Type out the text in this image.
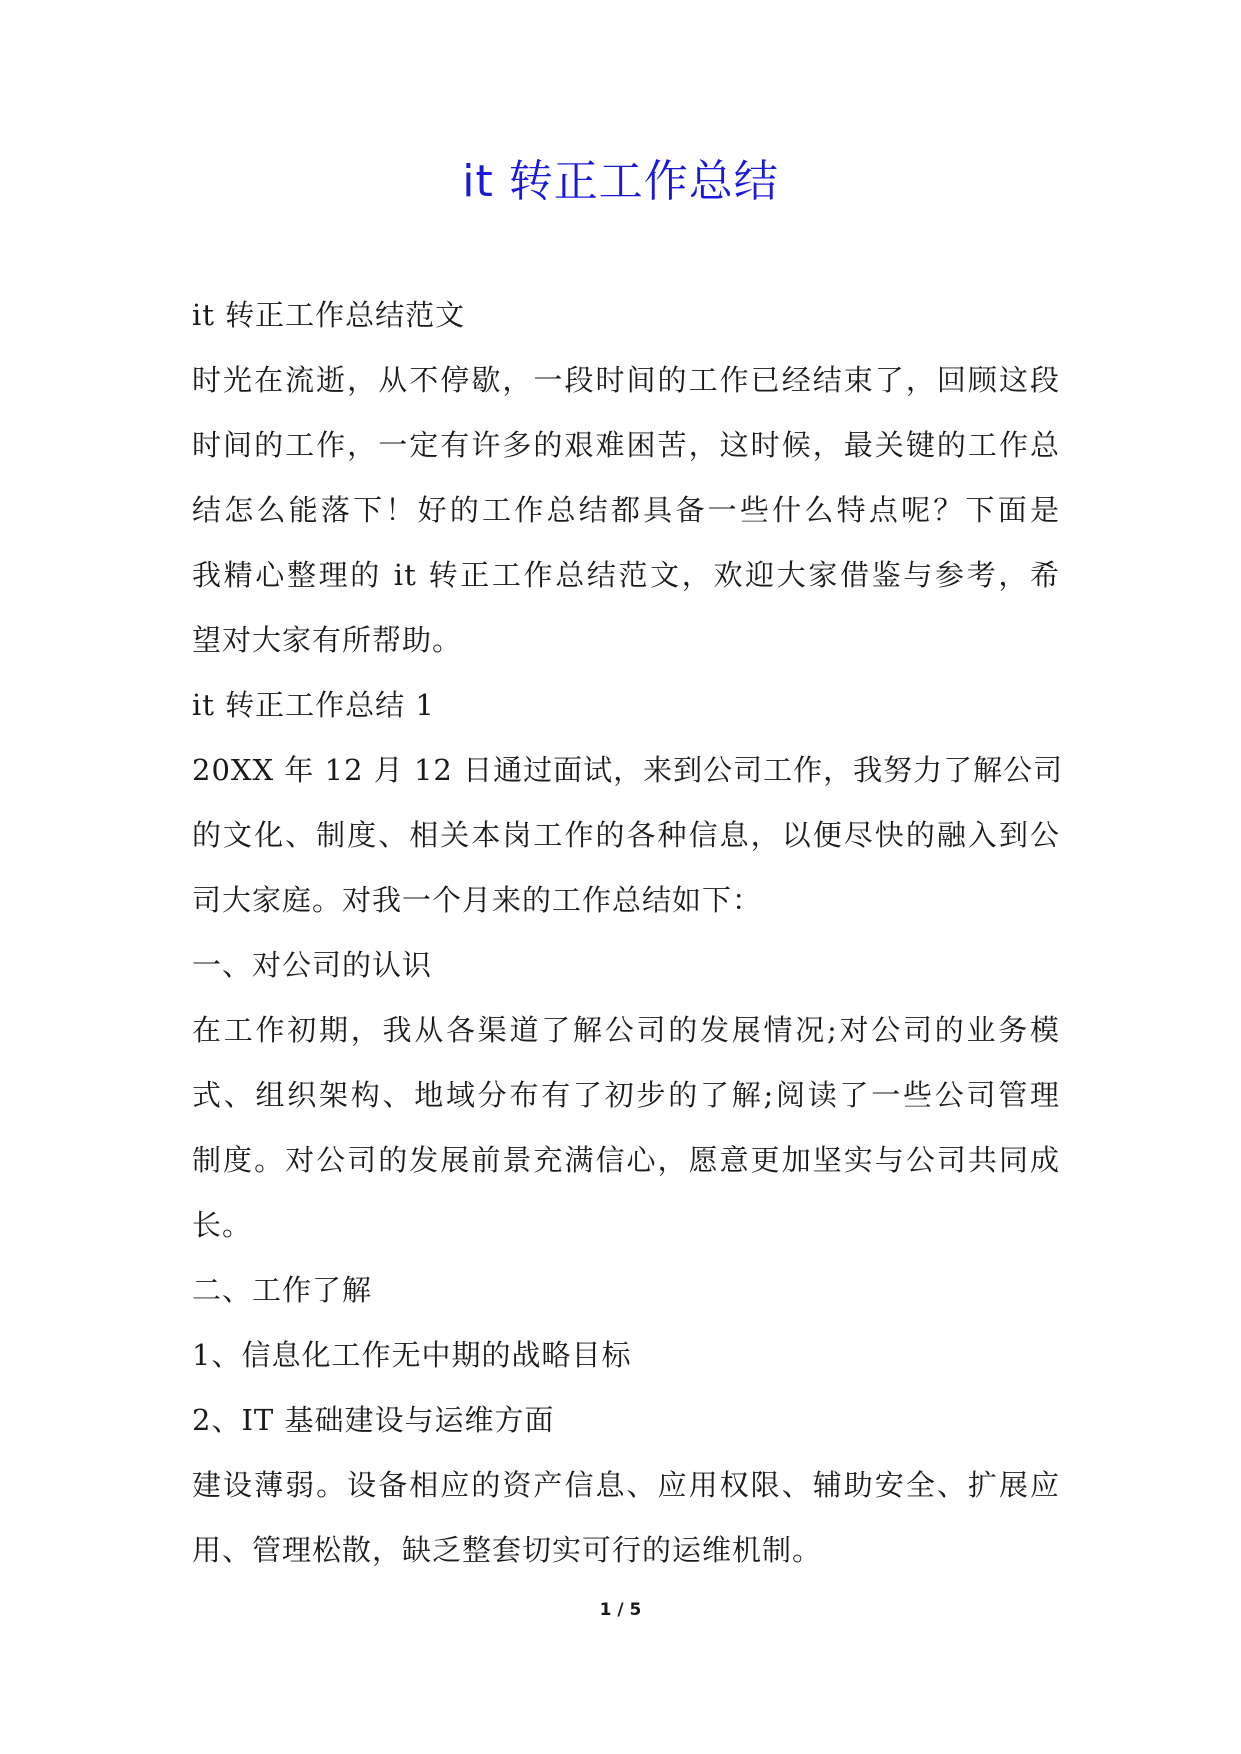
it 转正工作总结
it 转正工作总结范文
时光在流逝，从不停歇，一段时间的工作已经结束了，回顾这段
时间的工作，一定有许多的艰难困苦，这时候，最关键的工作总
结怎么能落下！好的工作总结都具备一些什么特点呢？下面是
我精心整理的 it 转正工作总结范文，欢迎大家借鉴与参考，希
望对大家有所帮助。
it 转正工作总结 1
20XX 年 12 月 12 日通过面试，来到公司工作，我努力了解公司
的文化、制度、相关本岗工作的各种信息，以便尽快的融入到公
司大家庭。对我一个月来的工作总结如下：
一、对公司的认识
在工作初期，我从各渠道了解公司的发展情况;对公司的业务模
式、组织架构、地域分布有了初步的了解;阅读了一些公司管理
制度。对公司的发展前景充满信心，愿意更加坚实与公司共同成
长。
二、工作了解
1、信息化工作无中期的战略目标
2、IT 基础建设与运维方面
建设薄弱。设备相应的资产信息、应用权限、辅助安全、扩展应
用、管理松散，缺乏整套切实可行的运维机制。
1 / 5
